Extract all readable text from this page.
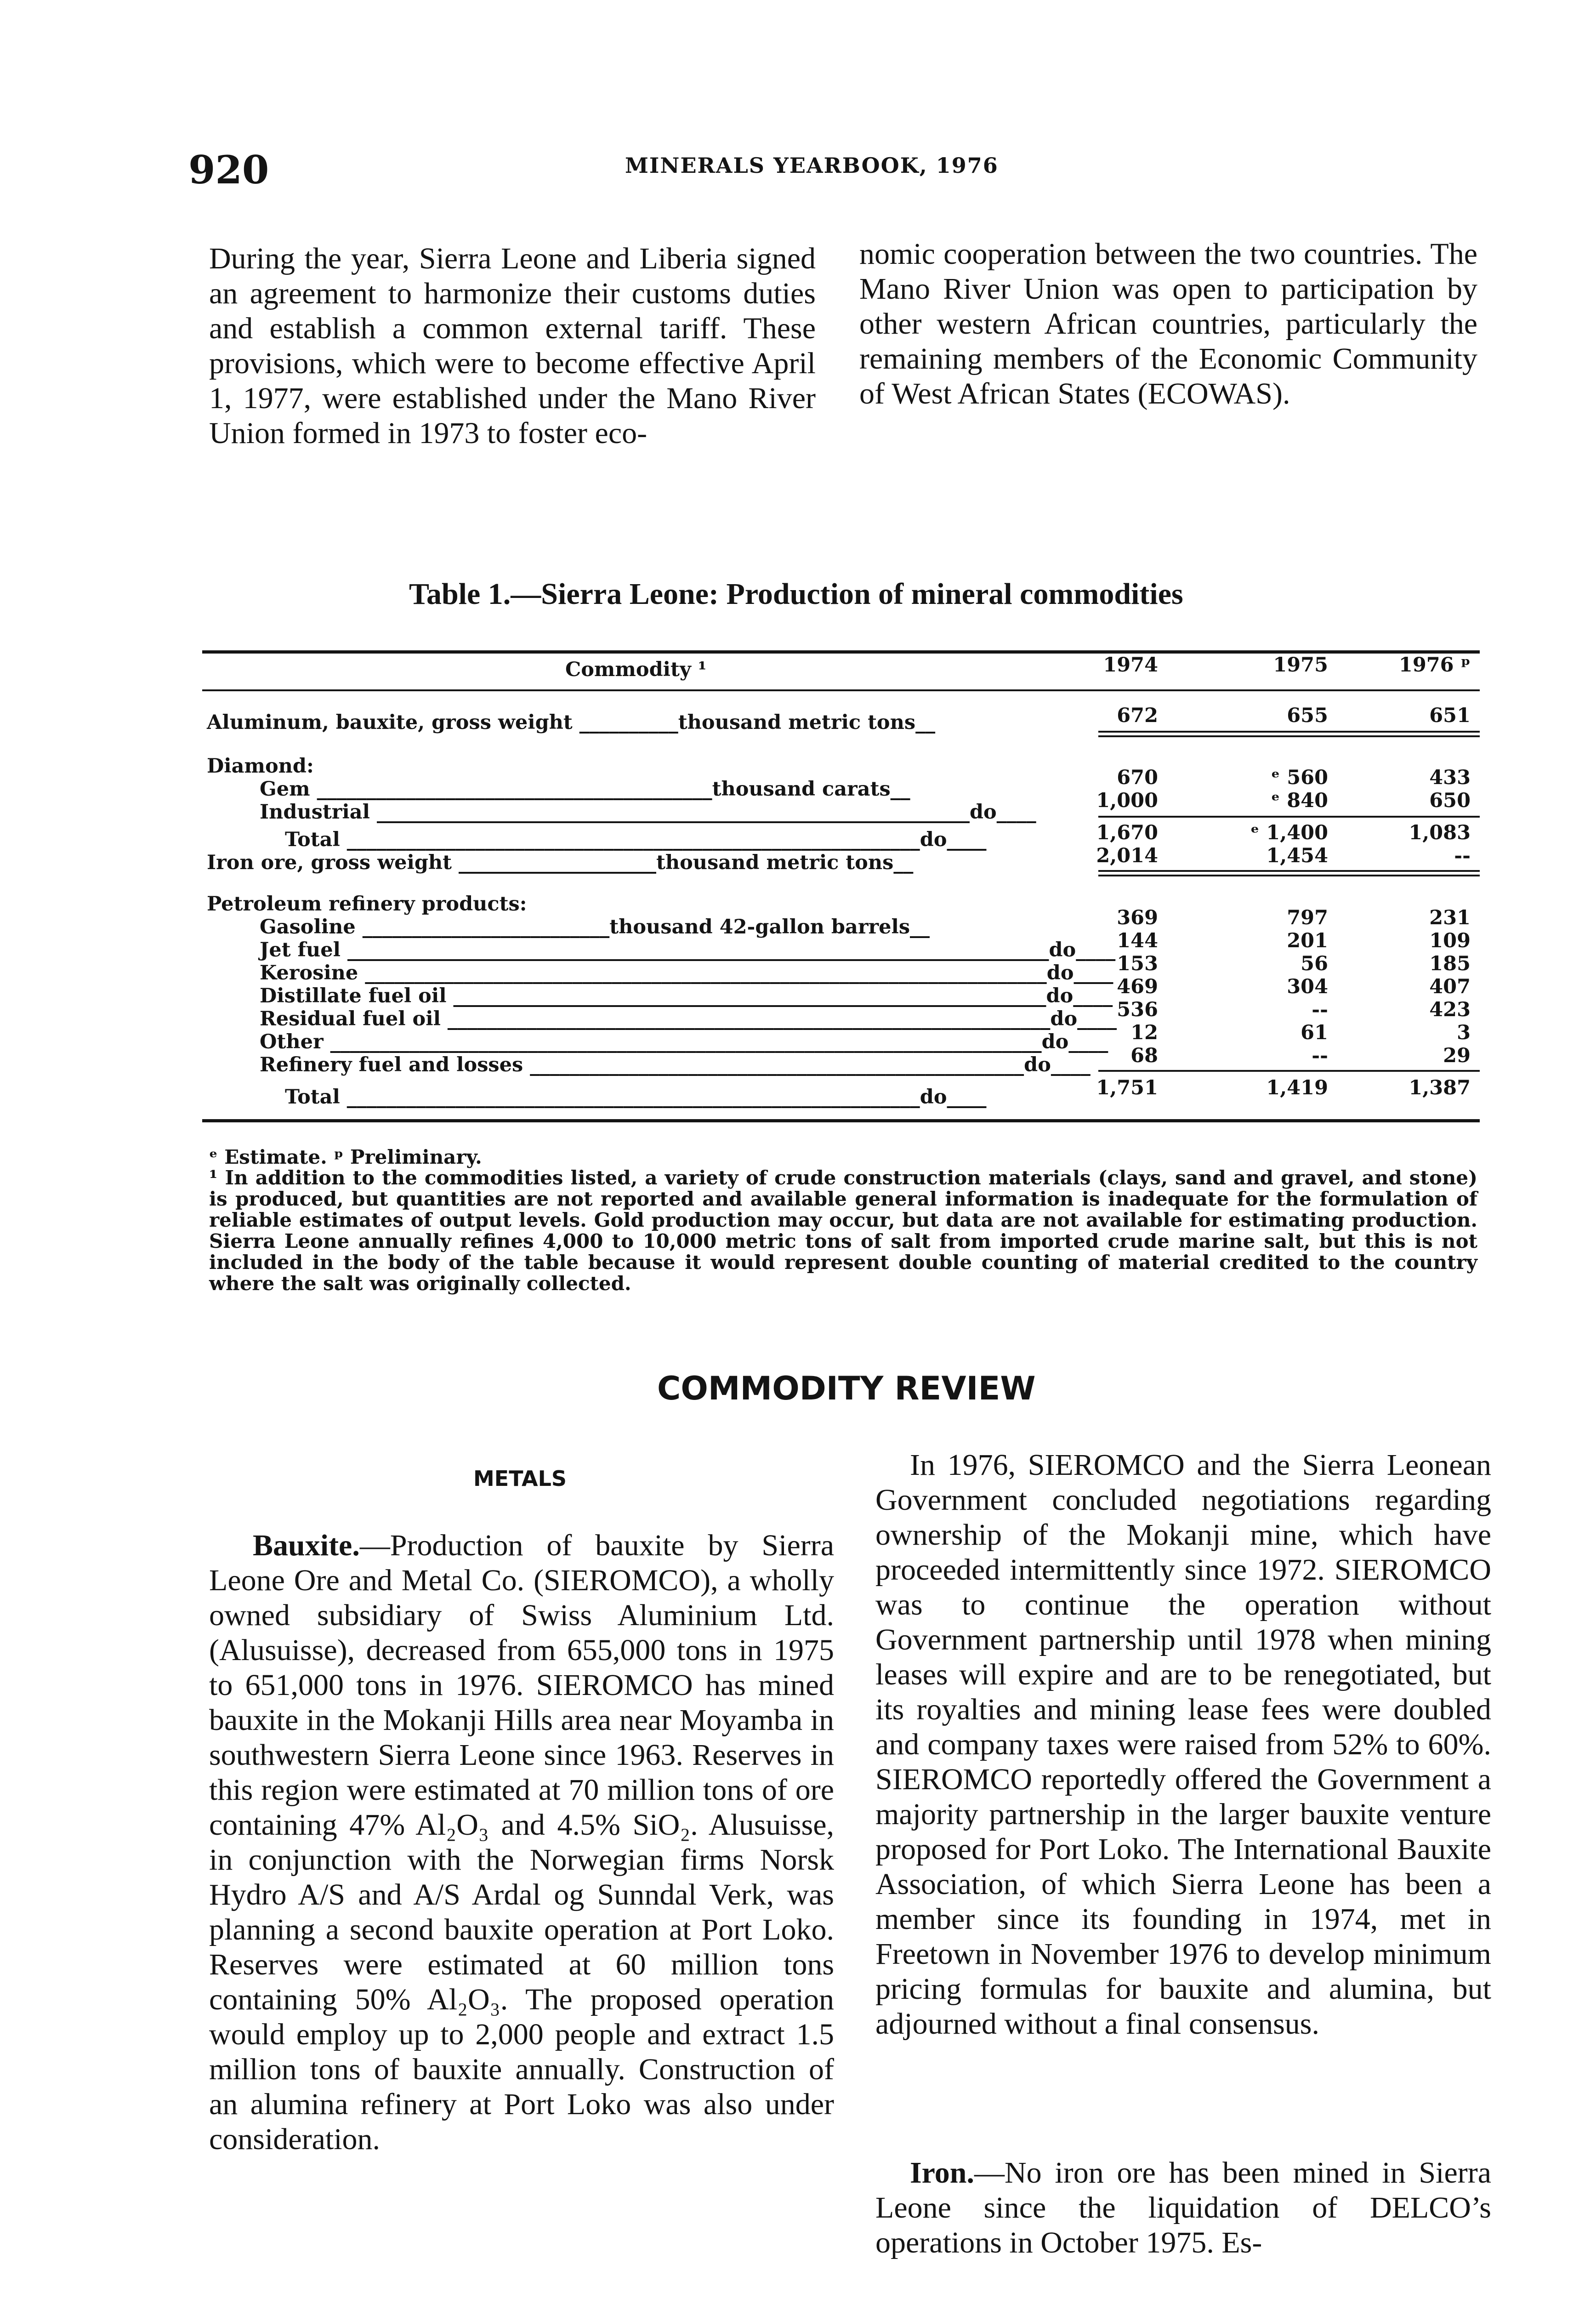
920	MINERALS YEARBOOK, 1976

During the year, Sierra Leone and Liberia signed an agreement to harmonize their customs duties and establish a common external tariff. These provisions, which were to become effective April 1, 1977, were established under the Mano River Union formed in 1973 to foster eco-

nomic cooperation between the two countries. The Mano River Union was open to participation by other western African countries, particularly the remaining members of the Economic Community of West African States (ECOWAS).

Table 1.—Sierra Leone: Production of mineral commodities
Commodity ¹	1974	1975	1976 ᵖ
Aluminum, bauxite, gross weight __________thousand metric tons__	672	655	651
Diamond:
Gem ________________________________________thousand carats__	670	ᵉ 560	433
Industrial ____________________________________________________________do____	1,000	ᵉ 840	650
Total __________________________________________________________do____	1,670	ᵉ 1,400	1,083
Iron ore, gross weight ____________________thousand metric tons__	2,014	1,454	--
Petroleum refinery products:
Gasoline _________________________thousand 42-gallon barrels__	369	797	231
Jet fuel _______________________________________________________________________do____ 144	201	109
Kerosine _____________________________________________________________________do____ 153	56	185
Distillate fuel oil ____________________________________________________________do____ 469	304	407
Residual fuel oil _____________________________________________________________do____ 536	--	423
Other ________________________________________________________________________do____	12	61	3
Refinery fuel and losses __________________________________________________do____	68	--	29
Total __________________________________________________________do____	1,751	1,419	1,387

ᵉ Estimate. ᵖ Preliminary.

¹ In addition to the commodities listed, a variety of crude construction materials (clays, sand and gravel, and stone) is produced, but quantities are not reported and available general information is inadequate for the formulation of reliable estimates of output levels. Gold production may occur, but data are not available for estimating production. Sierra Leone annually refines 4,000 to 10,000 metric tons of salt from imported crude marine salt, but this is not included in the body of the table because it would represent double counting of material credited to the country where the salt was originally collected.

COMMODITY REVIEW
METALS

Bauxite.—Production of bauxite by Sierra Leone Ore and Metal Co. (SIEROMCO), a wholly owned subsidiary of Swiss Aluminium Ltd. (Alusuisse), decreased from 655,000 tons in 1975 to 651,000 tons in 1976. SIEROMCO has mined bauxite in the Mokanji Hills area near Moyamba in southwestern Sierra Leone since 1963. Reserves in this region were estimated at 70 million tons of ore containing 47% Al₂O₃ and 4.5% SiO₂. Alusuisse, in conjunction with the Norwegian firms Norsk Hydro A/S and A/S Ardal og Sunndal Verk, was planning a second bauxite operation at Port Loko. Reserves were estimated at 60 million tons containing 50% Al₂O₃. The proposed operation would employ up to 2,000 people and extract 1.5 million tons of bauxite annually. Construction of an alumina refinery at Port Loko was also under consideration.

In 1976, SIEROMCO and the Sierra Leonean Government concluded negotiations regarding ownership of the Mokanji mine, which have proceeded intermittently since 1972. SIEROMCO was to continue the operation without Government partnership until 1978 when mining leases will expire and are to be renegotiated, but its royalties and mining lease fees were doubled and company taxes were raised from 52% to 60%. SIEROMCO reportedly offered the Government a majority partnership in the larger bauxite venture proposed for Port Loko. The International Bauxite Association, of which Sierra Leone has been a member since its founding in 1974, met in Freetown in November 1976 to develop minimum pricing formulas for bauxite and alumina, but adjourned without a final consensus.

Iron.—No iron ore has been mined in Sierra Leone since the liquidation of DELCO’s operations in October 1975. Es-
